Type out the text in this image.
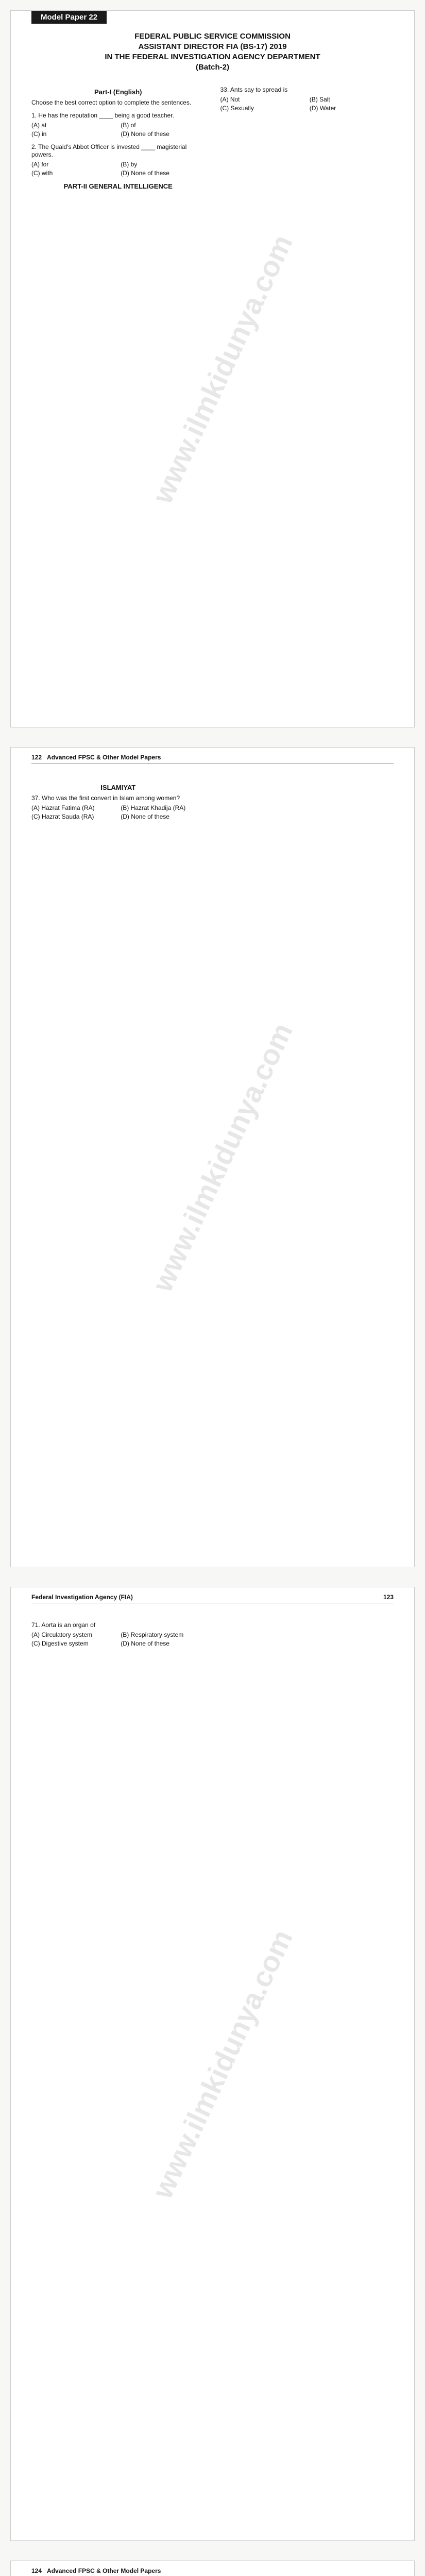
Model Paper 22
FEDERAL PUBLIC SERVICE COMMISSION
ASSISTANT DIRECTOR FIA (BS-17) 2019
IN THE FEDERAL INVESTIGATION AGENCY DEPARTMENT
(Batch-2)
Part-I (English)
Choose the best correct option to complete the sentences.
1. He has the reputation ____ being a good teacher.
(A) at	(B) of
(C) in	(D) None of these
2. The Quaid's Abbot Officer is invested ____ magisterial powers.
(A) for	(B) by
(C) with	(D) None of these
PART-II GENERAL INTELLIGENCE
33. Ants say to spread is
(A) Not	(B) Salt
(C) Sexually	(D) Water
www.ilmkidunya.com
122 Advanced FPSC & Other Model Papers
ISLAMIYAT
37. Who was the first convert in Islam among women?
(A) Hazrat Fatima (RA)	(B) Hazrat Khadija (RA)
(C) Hazrat Sauda (RA)	(D) None of these
www.ilmkidunya.com
Federal Investigation Agency (FIA)	123
71. Aorta is an organ of
(A) Circulatory system	(B) Respiratory system
(C) Digestive system	(D) None of these
www.ilmkidunya.com
124 Advanced FPSC & Other Model Papers
